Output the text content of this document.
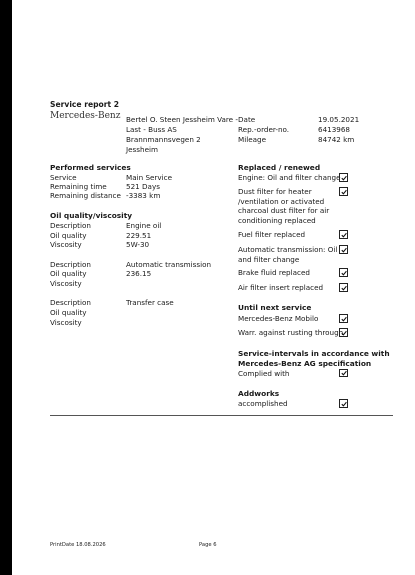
Service report 2
Mercedes-Benz Bertel O. Steen Jessheim Vare -
Last - Buss AS
Brannmannsvegen 2
Jessheim
Date	19.05.2021
Rep.-order-no.	6413968
Mileage	84742 km
Performed services
Service	Main Service
Remaining time	521 Days
Remaining distance -3383 km
Oil quality/viscosity
Description	Engine oil
Oil quality	229.51
Viscosity	5W-30
Description	Automatic transmission
Oil quality	236.15
Viscosity
Description	Transfer case
Oil quality
Viscosity
Replaced / renewed
Engine: Oil and filter change
Dust filter for heater
/ventilation or activated
charcoal dust filter for air
conditioning replaced
Fuel filter replaced
Automatic transmission: Oil
and filter change
Brake fluid replaced
Air filter insert replaced
Until next service
Mercedes-Benz Mobilo
Warr. against rusting through
Service-intervals in accordance with
Mercedes-Benz AG specification
Complied with
Addworks
accomplished
PrintDate 18.08.2026	Page 6
